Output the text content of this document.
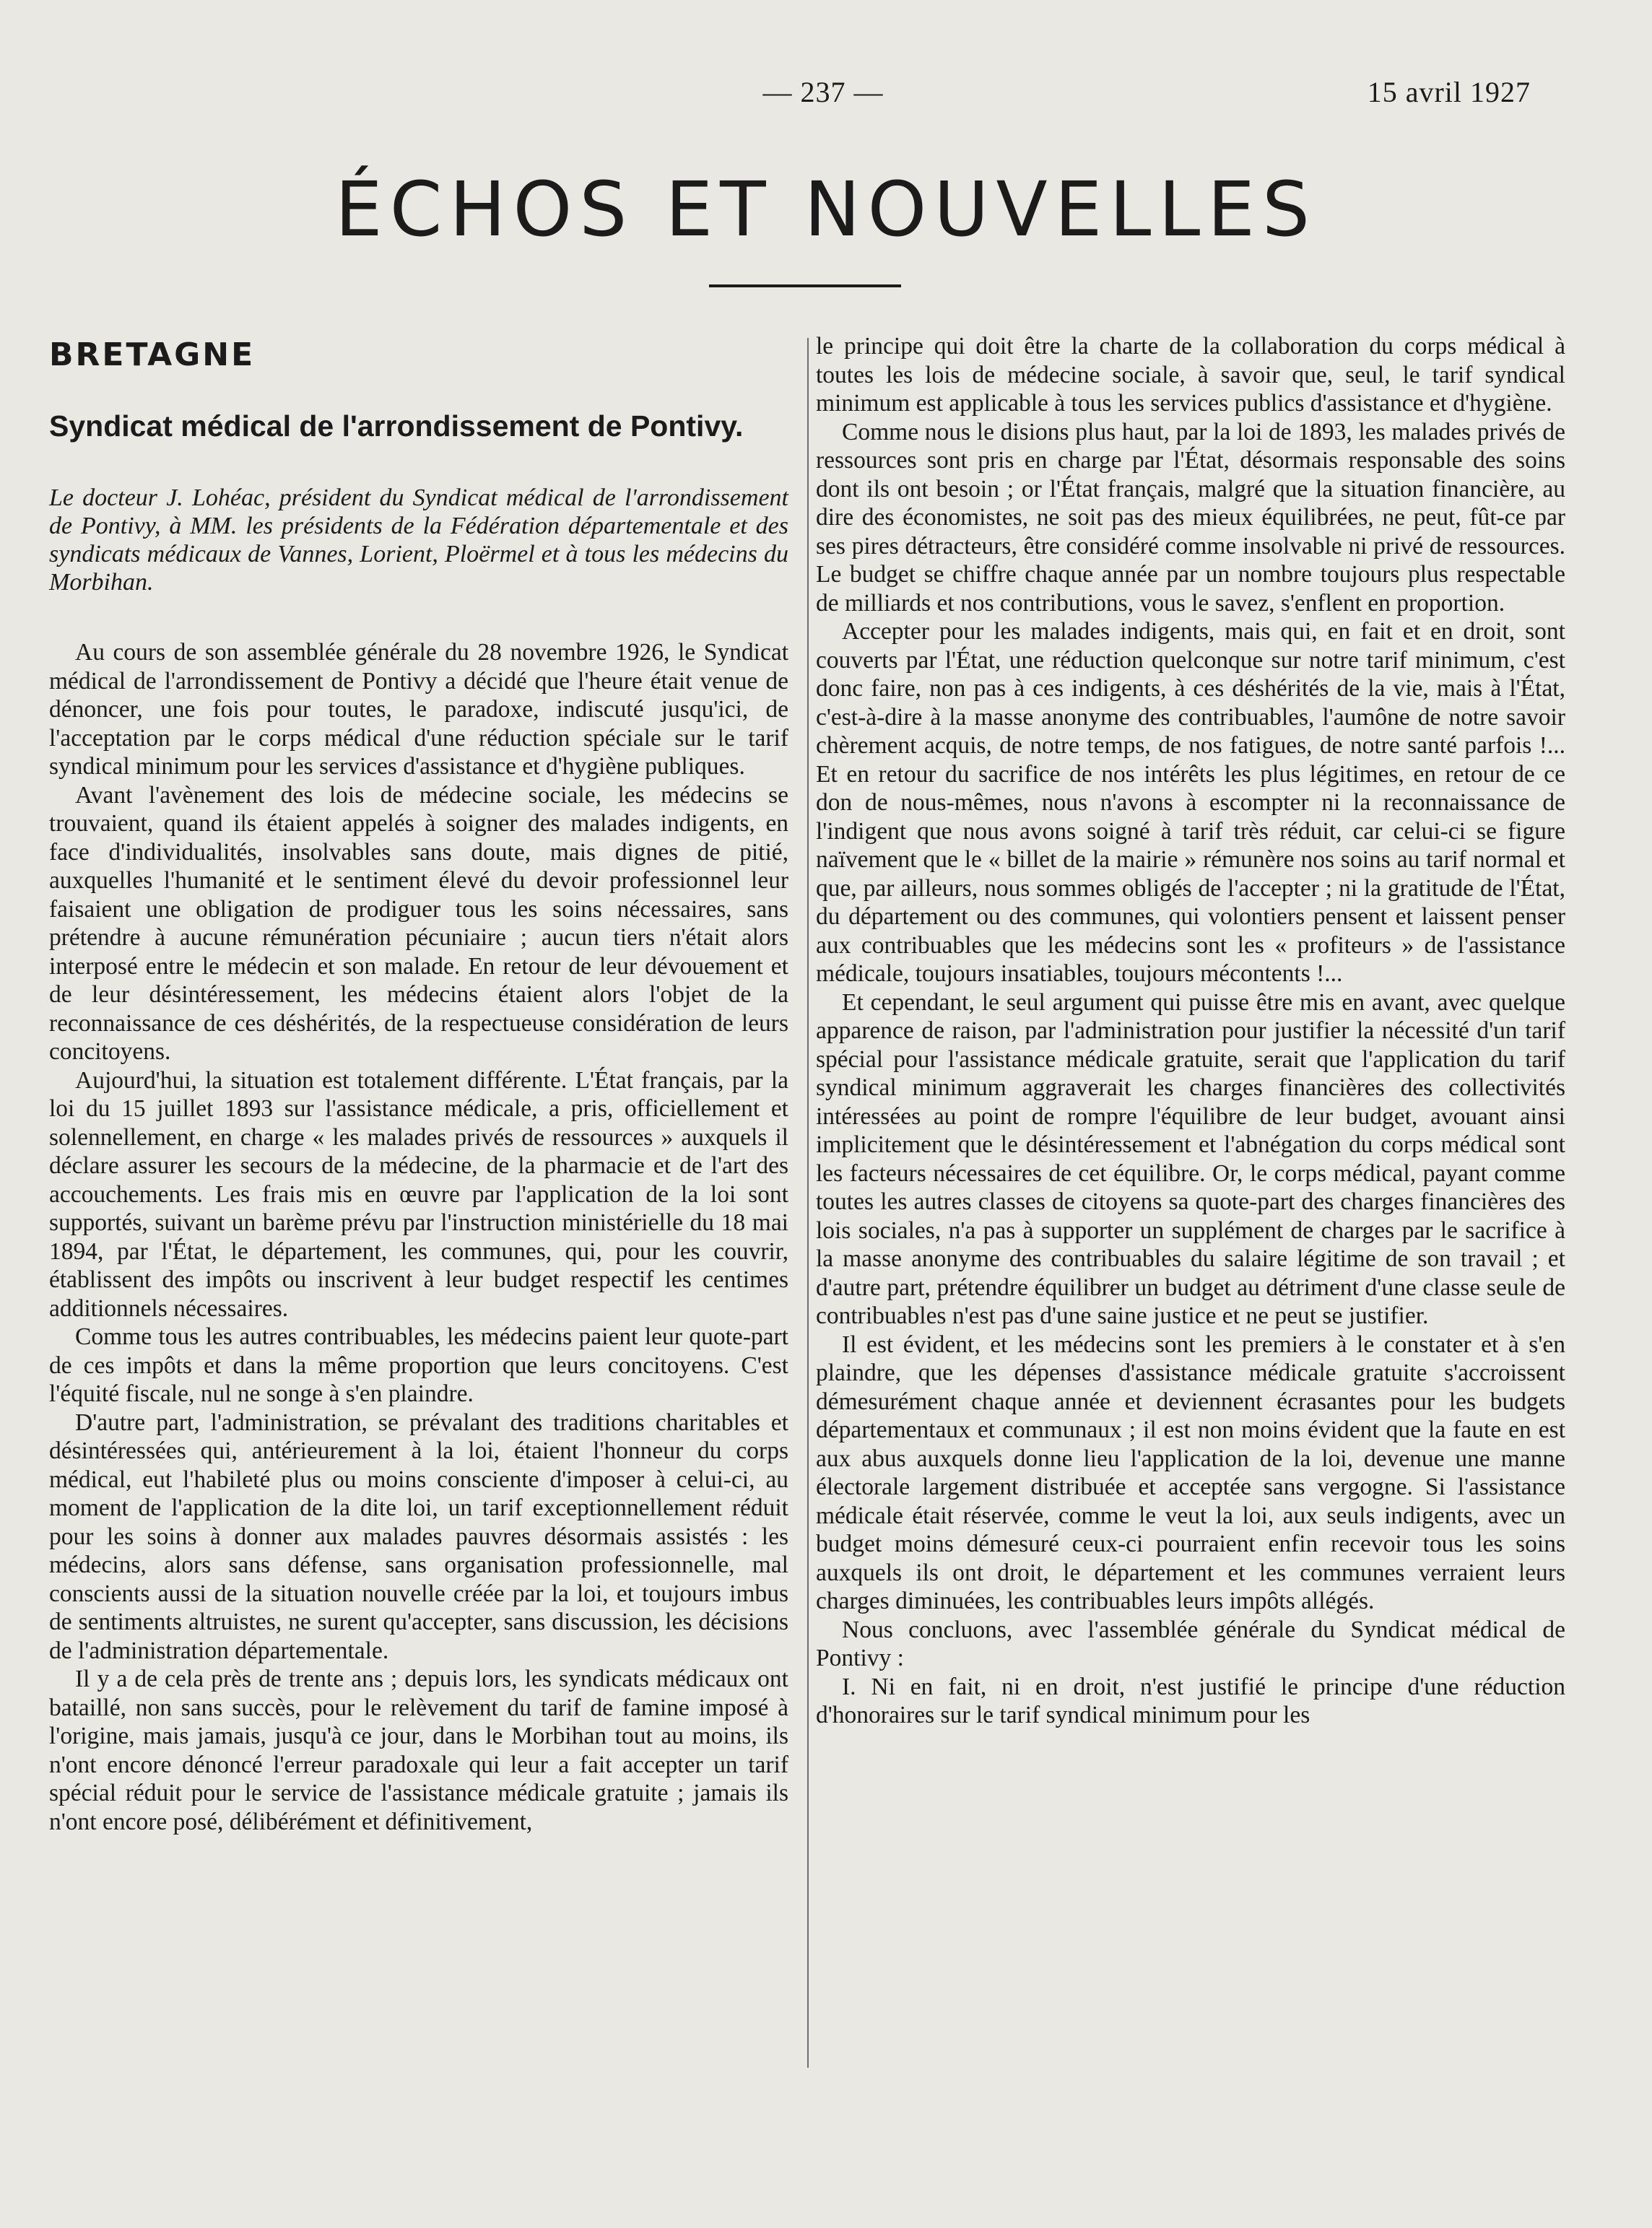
— 237 —	15 avril 1927
ÉCHOS ET NOUVELLES
BRETAGNE
Syndicat médical de l'arrondissement de Pontivy.
Le docteur J. Lohéac, président du Syndicat médical de l'arrondissement de Pontivy, à MM. les présidents de la Fédération départementale et des syndicats médicaux de Vannes, Lorient, Ploërmel et à tous les médecins du Morbihan.

Au cours de son assemblée générale du 28 novembre 1926, le Syndicat médical de l'arrondissement de Pontivy a décidé que l'heure était venue de dénoncer, une fois pour toutes, le paradoxe, indiscuté jusqu'ici, de l'acceptation par le corps médical d'une réduction spéciale sur le tarif syndical minimum pour les services d'assistance et d'hygiène publiques.

Avant l'avènement des lois de médecine sociale, les médecins se trouvaient, quand ils étaient appelés à soigner des malades indigents, en face d'individualités, insolvables sans doute, mais dignes de pitié, auxquelles l'humanité et le sentiment élevé du devoir professionnel leur faisaient une obligation de prodiguer tous les soins nécessaires, sans prétendre à aucune rémunération pécuniaire ; aucun tiers n'était alors interposé entre le médecin et son malade. En retour de leur dévouement et de leur désintéressement, les médecins étaient alors l'objet de la reconnaissance de ces déshérités, de la respectueuse considération de leurs concitoyens.

Aujourd'hui, la situation est totalement différente. L'État français, par la loi du 15 juillet 1893 sur l'assistance médicale, a pris, officiellement et solennellement, en charge « les malades privés de ressources » auxquels il déclare assurer les secours de la médecine, de la pharmacie et de l'art des accouchements. Les frais mis en œuvre par l'application de la loi sont supportés, suivant un barème prévu par l'instruction ministérielle du 18 mai 1894, par l'État, le département, les communes, qui, pour les couvrir, établissent des impôts ou inscrivent à leur budget respectif les centimes additionnels nécessaires.

Comme tous les autres contribuables, les médecins paient leur quote-part de ces impôts et dans la même proportion que leurs concitoyens. C'est l'équité fiscale, nul ne songe à s'en plaindre.

D'autre part, l'administration, se prévalant des traditions charitables et désintéressées qui, antérieurement à la loi, étaient l'honneur du corps médical, eut l'habileté plus ou moins consciente d'imposer à celui-ci, au moment de l'application de la dite loi, un tarif exceptionnellement réduit pour les soins à donner aux malades pauvres désormais assistés : les médecins, alors sans défense, sans organisation professionnelle, mal conscients aussi de la situation nouvelle créée par la loi, et toujours imbus de sentiments altruistes, ne surent qu'accepter, sans discussion, les décisions de l'administration départementale.

Il y a de cela près de trente ans ; depuis lors, les syndicats médicaux ont bataillé, non sans succès, pour le relèvement du tarif de famine imposé à l'origine, mais jamais, jusqu'à ce jour, dans le Morbihan tout au moins, ils n'ont encore dénoncé l'erreur paradoxale qui leur a fait accepter un tarif spécial réduit pour le service de l'assistance médicale gratuite ; jamais ils n'ont encore posé, délibérément et définitivement,

le principe qui doit être la charte de la collaboration du corps médical à toutes les lois de médecine sociale, à savoir que, seul, le tarif syndical minimum est applicable à tous les services publics d'assistance et d'hygiène.

Comme nous le disions plus haut, par la loi de 1893, les malades privés de ressources sont pris en charge par l'État, désormais responsable des soins dont ils ont besoin ; or l'État français, malgré que la situation financière, au dire des économistes, ne soit pas des mieux équilibrées, ne peut, fût-ce par ses pires détracteurs, être considéré comme insolvable ni privé de ressources. Le budget se chiffre chaque année par un nombre toujours plus respectable de milliards et nos contributions, vous le savez, s'enflent en proportion.

Accepter pour les malades indigents, mais qui, en fait et en droit, sont couverts par l'État, une réduction quelconque sur notre tarif minimum, c'est donc faire, non pas à ces indigents, à ces déshérités de la vie, mais à l'État, c'est-à-dire à la masse anonyme des contribuables, l'aumône de notre savoir chèrement acquis, de notre temps, de nos fatigues, de notre santé parfois !... Et en retour du sacrifice de nos intérêts les plus légitimes, en retour de ce don de nous-mêmes, nous n'avons à escompter ni la reconnaissance de l'indigent que nous avons soigné à tarif très réduit, car celui-ci se figure naïvement que le « billet de la mairie » rémunère nos soins au tarif normal et que, par ailleurs, nous sommes obligés de l'accepter ; ni la gratitude de l'État, du département ou des communes, qui volontiers pensent et laissent penser aux contribuables que les médecins sont les « profiteurs » de l'assistance médicale, toujours insatiables, toujours mécontents !...

Et cependant, le seul argument qui puisse être mis en avant, avec quelque apparence de raison, par l'administration pour justifier la nécessité d'un tarif spécial pour l'assistance médicale gratuite, serait que l'application du tarif syndical minimum aggraverait les charges financières des collectivités intéressées au point de rompre l'équilibre de leur budget, avouant ainsi implicitement que le désintéressement et l'abnégation du corps médical sont les facteurs nécessaires de cet équilibre. Or, le corps médical, payant comme toutes les autres classes de citoyens sa quote-part des charges financières des lois sociales, n'a pas à supporter un supplément de charges par le sacrifice à la masse anonyme des contribuables du salaire légitime de son travail ; et d'autre part, prétendre équilibrer un budget au détriment d'une classe seule de contribuables n'est pas d'une saine justice et ne peut se justifier.

Il est évident, et les médecins sont les premiers à le constater et à s'en plaindre, que les dépenses d'assistance médicale gratuite s'accroissent démesurément chaque année et deviennent écrasantes pour les budgets départementaux et communaux ; il est non moins évident que la faute en est aux abus auxquels donne lieu l'application de la loi, devenue une manne électorale largement distribuée et acceptée sans vergogne. Si l'assistance médicale était réservée, comme le veut la loi, aux seuls indigents, avec un budget moins démesuré ceux-ci pourraient enfin recevoir tous les soins auxquels ils ont droit, le département et les communes verraient leurs charges diminuées, les contribuables leurs impôts allégés.

Nous concluons, avec l'assemblée générale du Syndicat médical de Pontivy :

I. Ni en fait, ni en droit, n'est justifié le principe d'une réduction d'honoraires sur le tarif syndical minimum pour les
